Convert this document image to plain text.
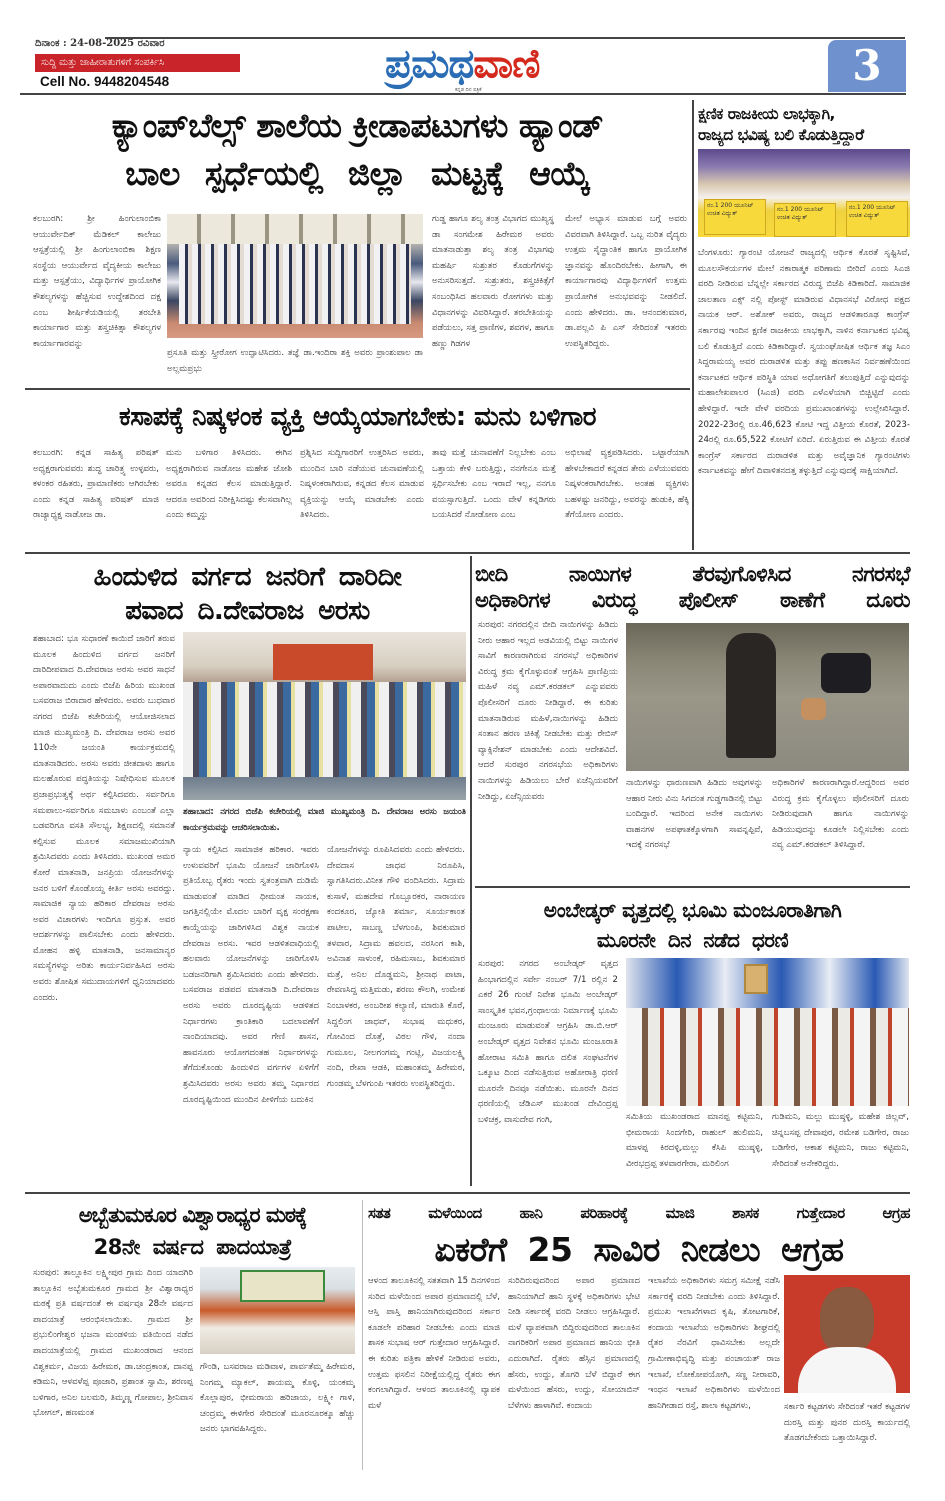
ದಿನಾಂಕ : 24-08-2025 ರವಿವಾರ
ಸುದ್ದಿ ಮತ್ತು ಜಾಹೀರಾತುಗಳಿಗೆ ಸಂಪರ್ಕಿಸಿ
Cell No. 9448204548	ಪ್ರಮಥವಾಣಿ
ಕನ್ನಡ ದಿನ ಪತ್ರಿಕೆ	3
ಕ್ಯಾಂಪ್‌ಬೆಲ್ಸ್ ಶಾಲೆಯ ಕ್ರೀಡಾಪಟುಗಳು ಹ್ಯಾಂಡ್
ಬಾಲ ಸ್ಪರ್ಧೆಯಲ್ಲಿ ಜಿಲ್ಲಾ ಮಟ್ಟಕ್ಕೆ ಆಯ್ಕೆ
ಕಲಬುರಗಿ: ಶ್ರೀ ಹಿಂಗುಲಾಂಬಿಕಾ ಆಯುರ್ವೇದಿಕ್ ಮೆಡಿಕಲ್ ಕಾಲೇಜು ಆಸ್ಪತ್ರೆಯಲ್ಲಿ ಶ್ರೀ ಹಿಂಗುಲಾಂಬಿಕಾ ಶಿಕ್ಷಣ ಸಂಸ್ಥೆಯ ಆಯುರ್ವೇದ ವೈದ್ಯಕೀಯ ಕಾಲೇಜು ಮತ್ತು ಆಸ್ಪತ್ರೆಯು, ವಿದ್ಯಾರ್ಥಿಗಳ ಪ್ರಾಯೋಗಿಕ ಕೌಶಲ್ಯಗಳನ್ನು ಹೆಚ್ಚಿಸುವ ಉದ್ದೇಶದಿಂದ ದಕ್ಷ ಎಂಬ ಶೀರ್ಷಿಕೆಯಡಿಯಲ್ಲಿ ತರಬೇತಿ ಕಾರ್ಯಾಗಾರ ಮತ್ತು ಶಸ್ತ್ರಚಿಕಿತ್ಸಾ ಕೌಶಲ್ಯಗಳ ಕಾರ್ಯಾಗಾರವನ್ನು
ಪ್ರಸೂತಿ ಮತ್ತು ಸ್ತ್ರೀರೋಗ ಉದ್ಘಾಟಿಸಿದರು. ತಜ್ಞೆ ಡಾ.ಇಂದಿರಾ ಶಕ್ತಿ ಅವರು ಪ್ರಾಂಶುಪಾಲ ಡಾ ಅಲ್ಲಮಪ್ರಭು
ಗುಡ್ಡ ಹಾಗೂ ಶಲ್ಯ ತಂತ್ರ ವಿಭಾಗದ ಮುಖ್ಯಸ್ಥ ಡಾ ಸಂಗಮೇಶ ಹಿರೇಮಠ ಅವರು ಮಾತನಾಡುತ್ತಾ ಶಲ್ಯ ತಂತ್ರ ವಿಭಾಗವು ಮಹರ್ಷಿ ಸುಶ್ರುತರ ಕೊಡುಗೆಗಳನ್ನು ಅನುಸರಿಸುತ್ತದೆ. ಸುಶ್ರುತರು, ಶಸ್ತ್ರಚಿಕಿತ್ಸೆಗೆ ಸಂಬಂಧಿಸಿದ ಹಲವಾರು ರೋಗಗಳು ಮತ್ತು ವಿಧಾನಗಳನ್ನು ವಿವರಿಸಿದ್ದಾರೆ. ತರಬೇತಿಯನ್ನು ಪಡೆಯಲು, ಸತ್ತ ಪ್ರಾಣಿಗಳ, ಶವಗಳ, ಹಾಗೂ ಹಣ್ಣು ಗಿಡಗಳ
ಮೇಲೆ ಅಭ್ಯಾಸ ಮಾಡುವ ಬಗ್ಗೆ ಅವರು ವಿವರವಾಗಿ ತಿಳಿಸಿದ್ದಾರೆ. ಒಬ್ಬ ನುರಿತ ವೈದ್ಯರು ಉತ್ತಮ ಸೈದ್ಧಾಂತಿಕ ಹಾಗೂ ಪ್ರಾಯೋಗಿಕ ಜ್ಞಾನವನ್ನು ಹೊಂದಿರಬೇಕು. ಹೀಗಾಗಿ, ಈ ಕಾರ್ಯಾಗಾರವು ವಿದ್ಯಾರ್ಥಿಗಳಿಗೆ ಉತ್ತಮ ಪ್ರಾಯೋಗಿಕ ಅನುಭವವನ್ನು ನೀಡಲಿದೆ. ಎಂದು ಹೇಳಿದರು. ಡಾ. ಆನಂದಕುಮಾರ, ಡಾ.ಪಲ್ಲವಿ ಪಿ ಎಸ್ ಸೇರಿದಂತೆ ಇತರರು ಉಪಸ್ಥಿತರಿದ್ದರು.
ಕ್ಷಣಿಕ ರಾಜಕೀಯ ಲಾಭಕ್ಕಾಗಿ,
ರಾಜ್ಯದ ಭವಿಷ್ಯ ಬಲಿ ಕೊಡುತ್ತಿದ್ದಾರೆ
ನಂ.1 200 ಯೂನಿಟ್ ಉಚಿತ ವಿದ್ಯುತ್
ನಂ.1 200 ಯೂನಿಟ್ ಉಚಿತ ವಿದ್ಯುತ್
ನಂ.1 200 ಯೂನಿಟ್ ಉಚಿತ ವಿದ್ಯುತ್
ಬೆಂಗಳೂರು: ಗ್ಯಾರಂಟಿ ಯೋಜನೆ ರಾಜ್ಯದಲ್ಲಿ ಆರ್ಥಿಕ ಕೊರತೆ ಸೃಷ್ಟಿಸಿವೆ, ಮೂಲಸೌಕರ್ಯಗಳ ಮೇಲೆ ನಕಾರಾತ್ಮಕ ಪರಿಣಾಮ ಬೀರಿದೆ ಎಂದು ಸಿಎಜಿ ವರದಿ ನೀಡಿರುವ ಬೆನ್ನಲ್ಲೇ ಸರ್ಕಾರದ ವಿರುದ್ಧ ಬಿಜೆಪಿ ಕಿಡಿಕಾರಿದೆ. ಸಾಮಾಜಿಕ ಜಾಲತಾಣ ಎಕ್ಸ್ ನಲ್ಲಿ ಪೋಸ್ಟ್ ಮಾಡಿರುವ ವಿಧಾನಸಭೆ ವಿರೋಧ ಪಕ್ಷದ ನಾಯಕ ಆರ್. ಅಶೋಕ್ ಅವರು, ರಾಜ್ಯದ ಆಡಳಿತಾರೂಢ ಕಾಂಗ್ರೆಸ್ ಸರ್ಕಾರವು ಇಂದಿನ ಕ್ಷಣಿಕ ರಾಜಕೀಯ ಲಾಭಕ್ಕಾಗಿ, ನಾಳಿನ ಕರ್ನಾಟಕದ ಭವಿಷ್ಯ ಬಲಿ ಕೊಡುತ್ತಿದೆ ಎಂದು ಕಿಡಿಕಾರಿದ್ದಾರೆ. ಸ್ವಯಂಘೋಷಿತ ಆರ್ಥಿಕ ತಜ್ಞ ಸಿಎಂ ಸಿದ್ದರಾಮಯ್ಯ ಅವರ ದುರಾಡಳಿತ ಮತ್ತು ತಪ್ಪು ಹಣಕಾಸಿನ ನಿರ್ವಹಣೆಯಿಂದ ಕರ್ನಾಟಕದ ಆರ್ಥಿಕ ಪರಿಸ್ಥಿತಿ ಯಾವ ಅಧೋಗತಿಗೆ ತಲುಪುತ್ತಿದೆ ಎನ್ನುವುದನ್ನು ಮಹಾಲೇಖಪಾಲರ (ಸಿಎಜಿ) ವರದಿ ಎಳೆಎಳೆಯಾಗಿ ಬಿಚ್ಚಿಟ್ಟಿದೆ ಎಂದು ಹೇಳಿದ್ದಾರೆ. ಇದೇ ವೇಳೆ ವರದಿಯ ಪ್ರಮುಖಾಂಶಗಳನ್ನು ಉಲ್ಲೇಖಿಸಿದ್ದಾರೆ. 2022-23ರಲ್ಲಿ ರೂ.46,623 ಕೋಟಿ ಇದ್ದ ವಿತ್ತೀಯ ಕೊರತೆ, 2023-24ರಲ್ಲಿ ರೂ.65,522 ಕೋಟಿಗೆ ಏರಿದೆ. ಏರುತ್ತಿರುವ ಈ ವಿತ್ತೀಯ ಕೊರತೆ ಕಾಂಗ್ರೆಸ್ ಸರ್ಕಾರದ ದುರಾಡಳಿತ ಮತ್ತು ಅವೈಜ್ಞಾನಿಕ ಗ್ಯಾರಂಟಿಗಳು ಕರ್ನಾಟಕವನ್ನು ಹೇಗೆ ದಿವಾಳಿತನದತ್ತ ತಳ್ಳುತ್ತಿದೆ ಎನ್ನುವುದಕ್ಕೆ ಸಾಕ್ಷಿಯಾಗಿದೆ.
ಕಸಾಪಕ್ಕೆ ನಿಷ್ಕಳಂಕ ವ್ಯಕ್ತಿ ಆಯ್ಕೆಯಾಗಬೇಕು: ಮನು ಬಳಿಗಾರ
ಕಲಬುರಗಿ: ಕನ್ನಡ ಸಾಹಿತ್ಯ ಪರಿಷತ್ ಅಧ್ಯಕ್ಷರಾಗುವವರು ಶುದ್ಧ ಚಾರಿತ್ರ್ಯ ಉಳ್ಳವರು, ಕಳಂಕರ ರಹಿತರು, ಪ್ರಾಮಾಣಿಕರು ಆಗಿರಬೇಕು ಎಂದು ಕನ್ನಡ ಸಾಹಿತ್ಯ ಪರಿಷತ್ ಮಾಜಿ ರಾಜ್ಯಾಧ್ಯಕ್ಷ ನಾಡೋಜ ಡಾ.
ಮನು ಬಳಿಗಾರ ತಿಳಿಸಿದರು. ಈಗಿನ ಅಧ್ಯಕ್ಷರಾಗಿರುವ ನಾಡೋಜ ಮಹೇಶ ಜೋಶಿ ಅವರೂ ಕನ್ನಡದ ಕೆಲಸ ಮಾಡುತ್ತಿದ್ದಾರೆ. ಆದರೂ ಅವರಿಂದ ನಿರೀಕ್ಷಿಸಿದಷ್ಟು ಕೆಲಸವಾಗಿಲ್ಲ ಎಂದು ಕಮ್ಮನ್ನು
ಪ್ರಶ್ನಿಸಿದ ಸುದ್ದಿಗಾರರಿಗೆ ಉತ್ತರಿಸಿದ ಅವರು, ಮುಂದಿನ ಬಾರಿ ನಡೆಯುವ ಚುನಾವಣೆಯಲ್ಲಿ ನಿಷ್ಕಳಂಕರಾಗಿರುವ, ಕನ್ನಡದ ಕೆಲಸ ಮಾಡುವ ವ್ಯಕ್ತಿಯನ್ನು ಆಯ್ಕೆ ಮಾಡಬೇಕು ಎಂದು ತಿಳಿಸಿದರು.
ತಾವು ಮತ್ತೆ ಚುನಾವಣೆಗೆ ನಿಲ್ಲಬೇಕು ಎಂಬ ಒತ್ತಾಯ ಕೇಳಿ ಬರುತ್ತಿದ್ದು, ನನಗೇನೂ ಮತ್ತೆ ಸ್ಪರ್ಧಿಸಬೇಕು ಎಂಬ ಇರಾದೆ ಇಲ್ಲ, ನನಗೂ ವಯಸ್ಸಾಗುತ್ತಿದೆ. ಒಂದು ವೇಳೆ ಕನ್ನಡಿಗರು ಬಯಸಿದರೆ ನೋಡೋಣ ಎಂಬ
ಅಭಿಲಾಷೆ ವ್ಯಕ್ತಪಡಿಸಿದರು. ಒಟ್ಟಾರೆಯಾಗಿ ಹೇಳಬೇಕಾದರೆ ಕನ್ನಡದ ತೇರು ಎಳೆಯುವವರು ನಿಷ್ಕಳಂಕರಾಗಿರಬೇಕು. ಅಂತಹ ವ್ಯಕ್ತಿಗಳು ಬಹಳಷ್ಟು ಜನರಿದ್ದು, ಅವರನ್ನು ಹುಡುಕಿ, ಹೆಕ್ಕಿ ತೆಗೆಯೋಣ ಎಂದರು.
ಹಿಂದುಳಿದ ವರ್ಗದ ಜನರಿಗೆ ದಾರಿದೀ
ಪವಾದ ದಿ.ದೇವರಾಜ ಅರಸು
ಶಹಾಬಾದ: ಭೂ ಸುಧಾರಣೆ ಕಾಯಿದೆ ಜಾರಿಗೆ ತರುವ ಮೂಲಕ ಹಿಂದುಳಿದ ವರ್ಗದ ಜನರಿಗೆ ದಾರಿದೀಪವಾದ ದಿ.ದೇವರಾಜ ಅರಸು ಅವರ ಸಾಧನೆ ಅಪಾರವಾದುದು ಎಂದು ಬಿಜೆಪಿ ಹಿರಿಯ ಮುಖಂಡ ಬಸವರಾಜ ಬಿರಾದಾರ ಹೇಳಿದರು. ಅವರು ಬುಧವಾರ ನಗರದ ಬಿಜೆಪಿ ಕಚೇರಿಯಲ್ಲಿ ಆಯೋಜಿಸಲಾದ ಮಾಜಿ ಮುಖ್ಯಮಂತ್ರಿ ದಿ. ದೇವರಾಜ ಅರಸು ಅವರ 110ನೇ ಜಯಂತಿ ಕಾರ್ಯಕ್ರಮದಲ್ಲಿ ಮಾತನಾಡಿದರು. ಅರಸು ಅವರು ಜೀತದಾಳು ಹಾಗೂ ಮಲಹೊರುವ ಪದ್ಧತಿಯನ್ನು ನಿಷೇಧಿಸುವ ಮೂಲಕ ಪ್ರಜಾಪ್ರಭುತ್ವಕ್ಕೆ ಅರ್ಥ ಕಲ್ಪಿಸಿದವರು. ಸರ್ವರಿಗೂ ಸಮಪಾಲು-ಸರ್ವರಿಗೂ ಸಮಬಾಳು ಎಂಬಂತೆ ಎಲ್ಲಾ ಬಡವರಿಗೂ ವಸತಿ ಸೌಲಭ್ಯ, ಶಿಕ್ಷಣದಲ್ಲಿ ಸಮಾನತೆ ಕಲ್ಪಿಸುವ ಮೂಲಕ ಸಮಾಜಮುಖಿಯಾಗಿ ಶ್ರಮಿಸಿದವರು ಎಂದು ತಿಳಿಸಿದರು. ಮುಖಂಡ ಅಮರ ಕೋರೆ ಮಾತನಾಡಿ, ಜನಪ್ರಿಯ ಯೋಜನೆಗಳನ್ನು ಜನರ ಬಳಿಗೆ ಕೊಂಡೊಯ್ದ ಕೀರ್ತಿ ಅರಸು ಅವರದ್ದು. ಸಾಮಾಜಿಕ ನ್ಯಾಯ ಹರಿಕಾರ ದೇವರಾಜ ಅರಸು ಅವರ ವಿಚಾರಗಳು ಇಂದಿಗೂ ಪ್ರಸ್ತುತ. ಅವರ ಆದರ್ಶಗಳನ್ನು ಪಾಲಿಸಬೇಕು ಎಂದು ಹೇಳಿದರು. ಮೋಹನ ಹಳ್ಳಿ ಮಾತನಾಡಿ, ಜನಸಾಮಾನ್ಯರ ಸಮಸ್ಯೆಗಳನ್ನು ಅರಿತು ಕಾರ್ಯನಿರ್ವಹಿಸಿದ ಅರಸು ಅವರು ಶೋಷಿತ ಸಮುದಾಯಗಳಿಗೆ ಧ್ವನಿಯಾದವರು ಎಂದರು.
ಶಹಾಬಾದ: ನಗರದ ಬಿಜೆಪಿ ಕಚೇರಿಯಲ್ಲಿ ಮಾಜಿ ಮುಖ್ಯಮಂತ್ರಿ ದಿ. ದೇವರಾಜ ಅರಸು ಜಯಂತಿ ಕಾರ್ಯಕ್ರಮವನ್ನು ಆಚರಿಸಲಾಯಿತು.
ನ್ಯಾಯ ಕಲ್ಪಿಸಿದ ಸಾಮಾಜಿಕ ಹರಿಕಾರ. ಇವರು ಉಳುವವರಿಗೆ ಭೂಮಿ ಯೋಜನೆ ಜಾರಿಗೊಳಿಸಿ ಪ್ರತಿಯೊಬ್ಬ ರೈತರು ಇಂದು ಸ್ವತಂತ್ರವಾಗಿ ದುಡಿಮೆ ಮಾಡುವಂತೆ ಮಾಡಿದ ಧೀಮಂತ ನಾಯಕ, ಜಗತ್ತಿನಲ್ಲಿಯೇ ಮೊದಲ ಬಾರಿಗೆ ವೃಕ್ಷ ಸಂರಕ್ಷಣಾ ಕಾಯ್ದೆಯನ್ನು ಜಾರಿಗಳಿಸಿದ ವಿಶ್ವಕ ನಾಯಕ ದೇವರಾಜ ಅರಸು. ಇವರ ಆಡಳಿತವಾಧಿಯಲ್ಲಿ ಹಲವಾರು ಯೋಜನೆಗಳನ್ನು ಜಾರಿಗೊಳಿಸಿ ಬಡಜನರಿಗಾಗಿ ಶ್ರಮಿಸಿದವರು ಎಂದು ಹೇಳಿದರು. ಬಸವರಾಜ ಪಡಪದ ಮಾತನಾಡಿ ದಿ.ದೇವರಾಜ ಅರಸು ಅವರು ದೂರದೃಷ್ಟಿಯ ಆಡಳಿತದ ನಿರ್ಧಾರಗಳು ಕ್ರಾಂತಿಕಾರಿ ಬದಲಾವಣೆಗೆ ನಾಂದಿಯಾದವು. ಅವರ ಗೇಣಿ ಶಾಸನ, ಹಾವನೂರು ಆಯೋಗದಂತಹ ನಿರ್ಧಾರಗಳನ್ನು ತೆಗೆದುಕೊಂಡು ಹಿಂದುಳಿದ ವರ್ಗಗಳ ಏಳಿಗೆಗೆ ಶ್ರಮಿಸಿದವರು ಅರಸು ಅವರು ತಮ್ಮ ನಿರ್ಧಾರದ ದೂರದೃಷ್ಟಿಯಿಂದ ಮುಂದಿನ ಪೀಳಿಗೆಯ ಬದುಕಿನ
ಯೋಜನೆಗಳನ್ನು ರೂಪಿಸಿದವರು ಎಂದು ಹೇಳಿದರು. ದೇವದಾಸ ಜಾಧವ ನಿರೂಪಿಸಿ, ಸ್ವಾಗತಿಸಿದರು.ವಿನೀತ ಗೌಳಿ ವಂದಿಸಿದರು. ಸಿದ್ರಾಮ ಕುಸಾಳೆ, ಮಹದೇವ ಗೊಬ್ಬೂರಕರ, ನಾರಾಯಣ ಕಂದಕೂರ, ಜ್ಯೋತಿ ಶರ್ಮಾ, ಸೂರ್ಯಕಾಂತ ಪಾಟೀಲ, ಸಾಬಣ್ಣ ಬೆಳಗುಂಪಿ, ಶಿವಕುಮಾರ ತಳವಾರ, ಸಿದ್ರಾಮ ಹವಲದ, ನರಸಿಂಗ ಕಾಶಿ, ಅವಿನಾಶ ಸಾಳುಂಕೆ, ರಹಿಮಸಾಬ, ಶಿವಕುಮಾರ ಮತ್ರೆ, ಅನಿಲ ದೊಡ್ಡಮನಿ, ಶ್ರೀನಾಥ ಪಾಟಾ, ರೇವಣಸಿದ್ದ ಮತ್ತಿಮಡು, ಶರಣು ಕೌಲಗಿ, ಉಮೇಶ ನಿಂಬಾಳಕರ, ಅಂಬರೀಶ ಕಲ್ಯಾಣಿ, ಮಾರುತಿ ಕೊರೆ, ಸಿದ್ದಲಿಂಗ ಜಾಧವ್, ಸುಭಾಷ ಮಧುಕರ, ಗೋವಿಂದ ದೊತ್ರೆ, ವಿಠಲ ಗೌಳಿ, ನಂದಾ ಗುಮೂಲ, ನೀಲಗಂಗಮ್ಮ ಗಂಟ್ಲಿ, ವಿಜಯಲಕ್ಷ್ಮಿ ನಂದಿ, ರೇಖಾ ಆಡಕಿ, ಮಹಾಂತಮ್ಮ ಹಿರೇಮಠ, ಗುಂಡಮ್ಮ ಬೆಳಗುಂಪಿ ಇತರರು ಉಪಸ್ಥಿತರಿದ್ದರು.
ಬೀದಿ ನಾಯಿಗಳ ತೆರವುಗೊಳಿಸಿದ ನಗರಸಭೆ
ಅಧಿಕಾರಿಗಳ ವಿರುದ್ಧ ಪೊಲೀಸ್ ಠಾಣೆಗೆ ದೂರು
ಸುರಪುರ: ನಗರದಲ್ಲಿನ ಬೀದಿ ನಾಯಿಗಳನ್ನು ಹಿಡಿದು ನೀರು ಆಹಾರ ಇಲ್ಲದ ಅಡವಿಯಲ್ಲಿ ಬಿಟ್ಟು ನಾಯಿಗಳ ಸಾವಿಗೆ ಕಾರಣರಾಗಿರುವ ನಗರಸಭೆ ಅಧಿಕಾರಿಗಳ ವಿರುದ್ಧ ಕ್ರಮ ಕೈಗೊಳ್ಳುವಂತೆ ಆಗ್ರಹಿಸಿ ಪ್ರಾಣಿಪ್ರಿಯ ಮಹಿಳೆ ನವ್ಯ ಎಮ್.ಕರಡಕಲ್ ಎನ್ನುವವರು ಪೊಲೀಸರಿಗೆ ದೂರು ನೀಡಿದ್ದಾರೆ. ಈ ಕುರಿತು ಮಾತನಾಡಿರುವ ಮಹಿಳೆ,ನಾಯಿಗಳನ್ನು ಹಿಡಿದು ಸಂತಾನ ಹರಣ ಚಿಕಿತ್ಸೆ ನೀಡಬೇಕು ಮತ್ತು ರೇಬಿಸ್ ವ್ಯಾಕ್ಸಿನೇಶನ್ ಮಾಡಬೇಕು ಎಂದು ಆದೇಶವಿದೆ. ಆದರೆ ಸುರಪುರ ನಗರಸಭೆಯ ಅಧಿಕಾರಿಗಳು ನಾಯಿಗಳನ್ನು ಹಿಡಿಯಲು ಬೇರೆ ಏಜೆನ್ಸಿಯವರಿಗೆ ನೀಡಿದ್ದು, ಏಜೆನ್ಸಿಯವರು
ನಾಯಿಗಳನ್ನು ಧಾರುಣವಾಗಿ ಹಿಡಿದು ಅವುಗಳನ್ನು ಆಹಾರ ನೀರು ವಿನು ಸಿಗದಂತ ಗುಡ್ಡಗಾಡಿನಲ್ಲಿ ಬಿಟ್ಟು ಬಂದಿದ್ದಾರೆ. ಇದರಿಂದ ಅನೇಕ ನಾಯಿಗಳು ವಾಹನಗಳ ಅಪಘಾತಕ್ಕೊಳಗಾಗಿ ಸಾವನ್ನಪ್ಪಿವೆ, ಇದಕ್ಕೆ ನಗರಸಭೆ
ಅಧಿಕಾರಿಗಳೆ ಕಾರಣರಾಗಿದ್ದಾರೆ.ಆದ್ದರಿಂದ ಅವರ ವಿರುದ್ಧ ಕ್ರಮ ಕೈಗೊಳ್ಳಲು ಪೊಲೀಸರಿಗೆ ದೂರು ನೀಡಿರುವುದಾಗಿ ಹಾಗೂ ನಾಯಿಗಳನ್ನು ಹಿಡಿಯುವುದನ್ನು ಕೂಡಲೇ ನಿಲ್ಲಿಸಬೇಕು ಎಂದು ನವ್ಯ ಎಮ್.ಕರಡಕಲ್ ತಿಳಿಸಿದ್ದಾರೆ.
ಅಂಬೇಡ್ಕರ್ ವೃತ್ತದಲ್ಲಿ ಭೂಮಿ ಮಂಜೂರಾತಿಗಾಗಿ
ಮೂರನೇ ದಿನ ನಡೆದ ಧರಣಿ
ಸುರಪುರ: ನಗರದ ಅಂಬೇಡ್ಕರ್ ವೃತ್ತದ ಹಿಂಭಾಗದಲ್ಲಿನ ಸರ್ವೇ ನಂಬರ್ 7/1 ರಲ್ಲಿನ 2 ಎಕರೆ 26 ಗುಂಟೆ ನಿವೇಶ ಭೂಮಿ ಅಂಬೇಡ್ಕರ್ ಸಾಂಸ್ಕೃತಿಕ ಭವನ,ಗ್ರಂಥಾಲಯ ನಿರ್ಮಾಣಕ್ಕೆ ಭೂಮಿ ಮಂಜೂರು ಮಾಡುವಂತೆ ಆಗ್ರಹಿಸಿ ಡಾ.ಬಿ.ಆರ್ ಅಂಬೇಡ್ಕರ್ ವೃತ್ತದ ನಿವೇಶನ ಭೂಮಿ ಮಂಜೂರಾತಿ ಹೋರಾಟ ಸಮಿತಿ ಹಾಗೂ ದಲಿತ ಸಂಘಟನೆಗಳ ಒಕ್ಕೂಟ ದಿಂದ ನಡೆಸುತ್ತಿರುವ ಅಹೋರಾತ್ರಿ ಧರಣಿ ಮೂರನೇ ದಿನವೂ ನಡೆಯಿತು. ಮೂರನೇ ದಿನದ ಧರಣಿಯಲ್ಲಿ ಜೆಡಿಎಸ್ ಮುಖಂಡ ದೇವಿಂದ್ರಪ್ಪ ಬಳಿಚಕ್ರ, ವಾಸುದೇವ ಗಂಗಿ,	ಸಮಿತಿಯ ಮುಖಂಡರಾದ ಮಾನಪ್ಪ ಕಟ್ಟಿಮನಿ, ಭೀಮರಾಯ ಸಿಂದಗೇರಿ, ರಾಹುಲ್ ಹುಲಿಮನಿ, ಮಾಳಪ್ಪ ಕಿರದಳ್ಳಿ,ಮಲ್ಲು ಕೆಸಿಪಿ ಮುಷ್ಠಳ್ಳಿ, ವೀರಭದ್ರಪ್ಪ ತಳವಾರಗೇರಾ, ಮರಿಲಿಂಗ
ಗುಡಿಮನಿ, ಮಲ್ಲು ಮುಷ್ಠಳ್ಳಿ, ಮಹೇಶ ಜಿಲ್ಲವ್, ಚಿನ್ನಬಸಪ್ಪ ದೇವಾಪುರ, ರಮೇಶ ಬಡಿಗೇರ, ರಾಜು ಬಡಿಗೇರ, ಆಕಾಶ ಕಟ್ಟಿಮನಿ, ರಾಜು ಕಟ್ಟಿಮನಿ, ಸೇರಿದಂತೆ ಅನೇಕರಿದ್ದರು.
ಅಬ್ಬೆತುಮಕೂರ ವಿಶ್ವಾರಾಧ್ಯರ ಮಠಕ್ಕೆ
28ನೇ ವರ್ಷದ ಪಾದಯಾತ್ರೆ
ಸುರಪುರ: ತಾಲ್ಲೂಕಿನ ಲಕ್ಷ್ಮೀಪುರ ಗ್ರಾಮ ದಿಂದ ಯಾದಗಿರಿ ತಾಲ್ಲೂಕಿನ ಅಬ್ಬೆತುಮಕೂರ ಗ್ರಾಮದ ಶ್ರೀ ವಿಶ್ವಾರಾಧ್ಯರ ಮಠಕ್ಕೆ ಪ್ರತಿ ವರ್ಷದಂತೆ ಈ ವರ್ಷವೂ 28ನೇ ವರ್ಷದ ಪಾದಯಾತ್ರೆ ಆರಂಭಿಸಲಾಯಿತು. ಗ್ರಾಮದ ಶ್ರೀ ಪ್ರಭುಲಿಂಗೇಶ್ವರ ಭಜನಾ ಮಂಡಳಿಯ ವತಿಯಿಂದ ನಡೆದ ಪಾದಯಾತ್ರೆಯಲ್ಲಿ ಗ್ರಾಮದ ಮುಖಂಡರಾದ ಆನಂದ ವಿಶ್ವಕರ್ಮ, ವಿಜಯ ಹಿರೇಮಠ, ಡಾ.ಚಂದ್ರಕಾಂತ, ದಾನಪ್ಪ ಕಡಿಮನಿ, ಆಳವಳೆಪ್ಪ ಪೂಜಾರಿ, ಪ್ರಶಾಂತ ಸ್ವಾಮಿ, ಶರಣಪ್ಪ ಬಳಿಗಾರ, ಅನಿಲ ಬಲಮರಿ, ತಿಮ್ಮಣ್ಣ ಗೋಪಾಲ, ಶ್ರೀನಿವಾಸ ಭೋಗಲ್, ಹಣಮಂತ
ಗೌಂಡಿ, ಬಸವರಾಜ ಮಡಿವಾಳ, ಪಾರ್ವತೆಮ್ಮ ಹಿರೇಮಠ, ನಿಂಗಮ್ಮ ಮ್ಯಾಕಲ್, ಶಾಯಮ್ಮ ಕೊಳ್ಳಿ, ಯಂಕಮ್ಮ ಕೊಲ್ಲಾಪುರ, ಭೀಮರಾಯ ಹರಿಜಾಯ, ಲಕ್ಷ್ಮೀ ಗಾಳಿ, ಚಂದ್ರಮ್ಮ ಈಳಿಗೇರ ಸೇರಿದಂತೆ ಮೂರನೂರಕ್ಕೂ ಹೆಚ್ಚು ಜನರು ಭಾಗವಹಿಸಿದ್ದರು.
ಸತತ ಮಳೆಯಿಂದ ಹಾನಿ ಪರಿಹಾರಕ್ಕೆ ಮಾಜಿ ಶಾಸಕ ಗುತ್ತೇದಾರ ಆಗ್ರಹ
ಏಕರೆಗೆ 25 ಸಾವಿರ ನೀಡಲು ಆಗ್ರಹ
ಆಳಂದ ತಾಲೂಕಿನಲ್ಲಿ ಸತತವಾಗಿ 15 ದಿನಗಳಿಂದ ಸುರಿದ ಮಳೆಯಿಂದ ಅಪಾರ ಪ್ರಮಾಣದಲ್ಲಿ ಬೆಳೆ, ಆಸ್ತಿ ಪಾಸ್ತಿ ಹಾನಿಯಾಗಿರುವುದರಿಂದ ಸರ್ಕಾರ ಕೂಡಲೇ ಪರಿಹಾರ ನೀಡಬೇಕು ಎಂದು ಮಾಜಿ ಶಾಸಕ ಸುಭಾಷ ಆರ್ ಗುತ್ತೇದಾರ ಆಗ್ರಹಿಸಿದ್ದಾರೆ. ಈ ಕುರಿತು ಪತ್ರಿಕಾ ಹೇಳಿಕೆ ನೀಡಿರುವ ಅವರು, ಉತ್ತಮ ಫಸಲಿನ ನಿರೀಕ್ಷೆಯಲ್ಲಿದ್ದ ರೈತರು ಈಗ ಕಂಗಲಾಗಿದ್ದಾರೆ. ಆಳಂದ ತಾಲೂಕಿನಲ್ಲಿ ವ್ಯಾಪಕ ಮಳೆ
ಸುರಿದಿರುವುದರಿಂದ ಅಪಾರ ಪ್ರಮಾಣದ ಹಾನಿಯಾಗಿದೆ ಹಾನಿ ಸ್ಥಳಕ್ಕೆ ಅಧಿಕಾರಿಗಳು ಭೇಟಿ ನೀಡಿ ಸರ್ಕಾರಕ್ಕೆ ವರದಿ ನೀಡಲು ಆಗ್ರಹಿಸಿದ್ದಾರೆ. ಮಳೆ ವ್ಯಾಪಕವಾಗಿ ಬಿದ್ದಿರುವುದರಿಂದ ತಾಲೂಕಿನ ನಾಗರಿಕರಿಗೆ ಅಪಾರ ಪ್ರಮಾಣದ ಹಾನಿಯ ಭೀತಿ ಎದುರಾಗಿದೆ. ರೈತರು ಹೆಸ್ಸಿನ ಪ್ರಮಾಣದಲ್ಲಿ ಹೆಸರು, ಉದ್ದು, ತೊಗರಿ ಬೆಳೆ ಬಿದ್ದಾರೆ ಈಗ ಮಳೆಯಿಂದ ಹೆಸರು, ಉದ್ದು, ಸೋಯಾಬಿನ್ ಬೆಳೆಗಳು ಹಾಳಾಗಿವೆ. ಕಂದಾಯ
ಇಲಾಖೆಯ ಅಧಿಕಾರಿಗಳು ಸಮಗ್ರ ಸಮೀಕ್ಷೆ ನಡೆಸಿ ಸರ್ಕಾರಕ್ಕೆ ವರದಿ ನೀಡಬೇಕು ಎಂದು ತಿಳಿಸಿದ್ದಾರೆ. ಪ್ರಮುಖ ಇಲಾಖೆಗಳಾದ ಕೃಷಿ, ತೋಟಗಾರಿಕೆ, ಕಂದಾಯ ಇಲಾಖೆಯ ಅಧಿಕಾರಿಗಳು ಶೀಘ್ರದಲ್ಲಿ ರೈತರ ನೆರವಿಗೆ ಧಾವಿಸಬೇಕು ಅಲ್ಲದೇ ಗ್ರಾಮೀಣಾಭಿವೃದ್ಧಿ ಮತ್ತು ಪಂಚಾಯತ್ ರಾಜ ಇಲಾಖೆ, ಲೋಕೋಪಯೋಗಿ, ಸಣ್ಣ ನೀರಾವರಿ, ಇಂಧನ ಇಲಾಖೆ ಅಧಿಕಾರಿಗಳು ಮಳೆಯಿಂದ ಹಾನಿಗೀಡಾದ ರಸ್ತೆ, ಶಾಲಾ ಕಟ್ಟಡಗಳು,	ಸರ್ಕಾರಿ ಕಟ್ಟಡಗಳು ಸೇರಿದಂತೆ ಇತರೆ ಕಟ್ಟಡಗಳ ದುರಸ್ತಿ ಮತ್ತು ಪುನರ ದುರಸ್ತಿ ಕಾರ್ಯದಲ್ಲಿ ತೊಡಗಬೇಕೆಂದು ಒತ್ತಾಯಿಸಿದ್ದಾರೆ.
